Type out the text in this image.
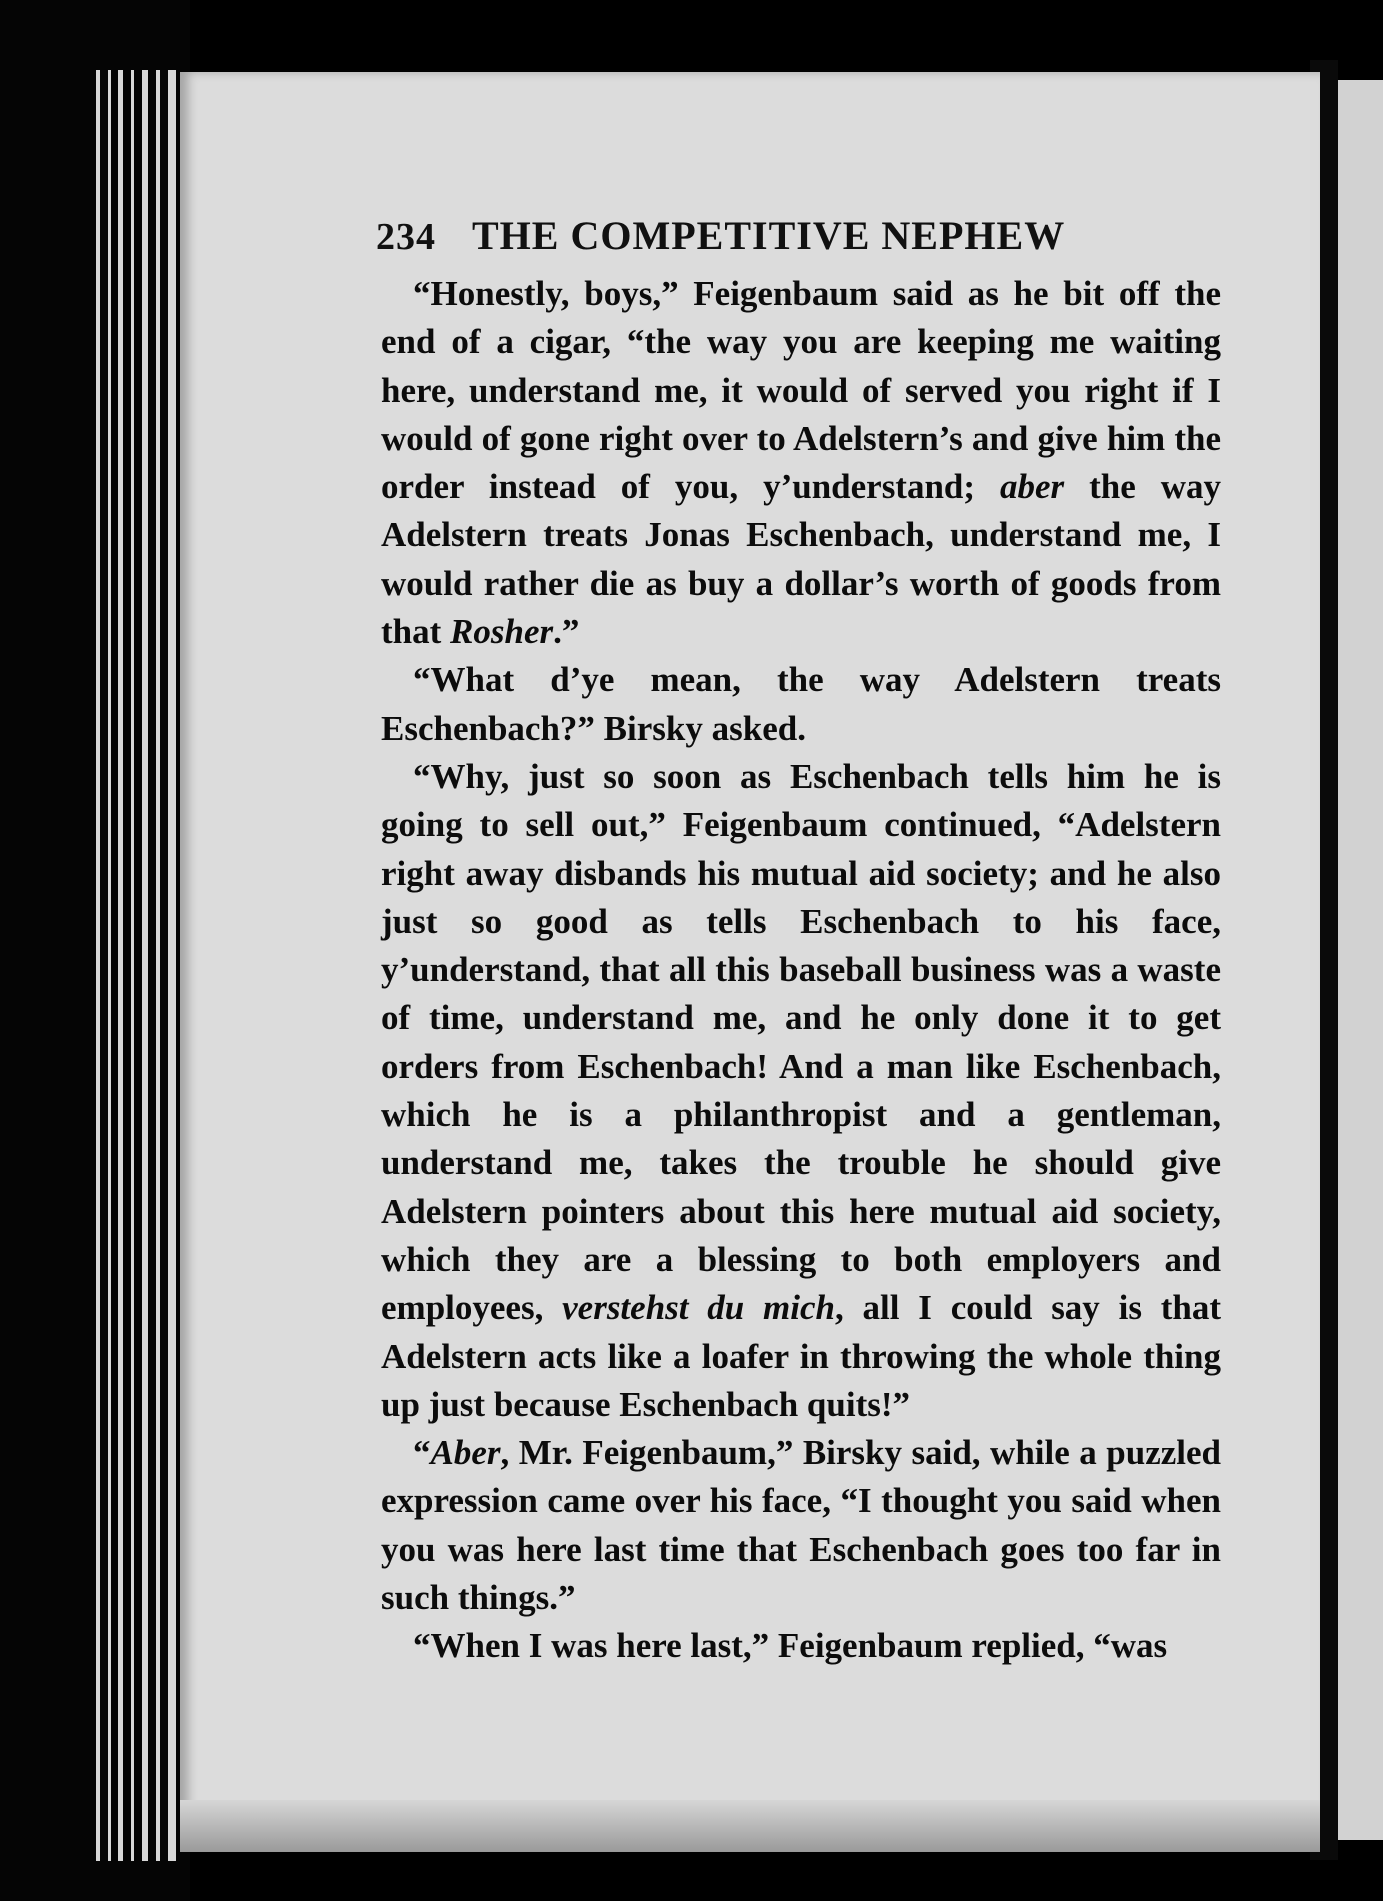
234 THE COMPETITIVE NEPHEW

“Honestly, boys,” Feigenbaum said as he bit off the end of a cigar, “the way you are keeping me waiting here, understand me, it would of served you right if I would of gone right over to Adelstern’s and give him the order instead of you, y’understand; aber the way Adelstern treats Jonas Eschenbach, understand me, I would rather die as buy a dollar’s worth of goods from that Rosher.”

“What d’ye mean, the way Adelstern treats Eschenbach?” Birsky asked.

“Why, just so soon as Eschenbach tells him he is going to sell out,” Feigenbaum continued, “Adelstern right away disbands his mutual aid society; and he also just so good as tells Eschenbach to his face, y’understand, that all this baseball business was a waste of time, understand me, and he only done it to get orders from Eschenbach! And a man like Eschenbach, which he is a philanthropist and a gentleman, understand me, takes the trouble he should give Adelstern pointers about this here mutual aid society, which they are a blessing to both employers and employees, verstehst du mich, all I could say is that Adelstern acts like a loafer in throwing the whole thing up just because Eschenbach quits!”

“Aber, Mr. Feigenbaum,” Birsky said, while a puzzled expression came over his face, “I thought you said when you was here last time that Eschenbach goes too far in such things.”

“When I was here last,” Feigenbaum replied, “was
